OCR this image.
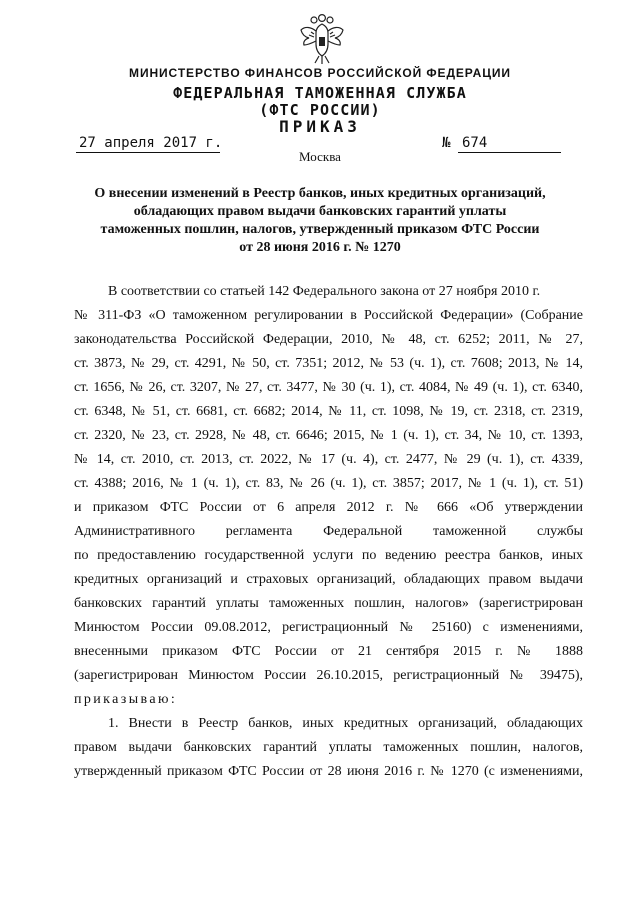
МИНИСТЕРСТВО ФИНАНСОВ РОССИЙСКОЙ ФЕДЕРАЦИИ
ФЕДЕРАЛЬНАЯ ТАМОЖЕННАЯ СЛУЖБА
(ФТС РОССИИ)
ПРИКАЗ
27 апреля 2017 г.	№ 674
Москва
О внесении изменений в Реестр банков, иных кредитных организаций,
обладающих правом выдачи банковских гарантий уплаты
таможенных пошлин, налогов, утвержденный приказом ФТС России
от 28 июня 2016 г. № 1270
В соответствии со статьей 142 Федерального закона от 27 ноября 2010 г.
№ 311-ФЗ «О таможенном регулировании в Российской Федерации» (Собрание
законодательства Российской Федерации, 2010, № 48, ст. 6252; 2011, № 27,
ст. 3873, № 29, ст. 4291, № 50, ст. 7351; 2012, № 53 (ч. 1), ст. 7608; 2013, № 14,
ст. 1656, № 26, ст. 3207, № 27, ст. 3477, № 30 (ч. 1), ст. 4084, № 49 (ч. 1), ст. 6340,
ст. 6348, № 51, ст. 6681, ст. 6682; 2014, № 11, ст. 1098, № 19, ст. 2318, ст. 2319,
ст. 2320, № 23, ст. 2928, № 48, ст. 6646; 2015, № 1 (ч. 1), ст. 34, № 10, ст. 1393,
№ 14, ст. 2010, ст. 2013, ст. 2022, № 17 (ч. 4), ст. 2477, № 29 (ч. 1), ст. 4339,
ст. 4388; 2016, № 1 (ч. 1), ст. 83, № 26 (ч. 1), ст. 3857; 2017, № 1 (ч. 1), ст. 51)
и приказом ФТС России от 6 апреля 2012 г. № 666 «Об утверждении
Административного регламента Федеральной таможенной службы
по предоставлению государственной услуги по ведению реестра банков, иных
кредитных организаций и страховых организаций, обладающих правом выдачи
банковских гарантий уплаты таможенных пошлин, налогов» (зарегистрирован
Минюстом России 09.08.2012, регистрационный № 25160) с изменениями,
внесенными приказом ФТС России от 21 сентября 2015 г. № 1888
(зарегистрирован Минюстом России 26.10.2015, регистрационный № 39475),
приказываю:
1. Внести в Реестр банков, иных кредитных организаций, обладающих
правом выдачи банковских гарантий уплаты таможенных пошлин, налогов,
утвержденный приказом ФТС России от 28 июня 2016 г. № 1270 (с изменениями,
